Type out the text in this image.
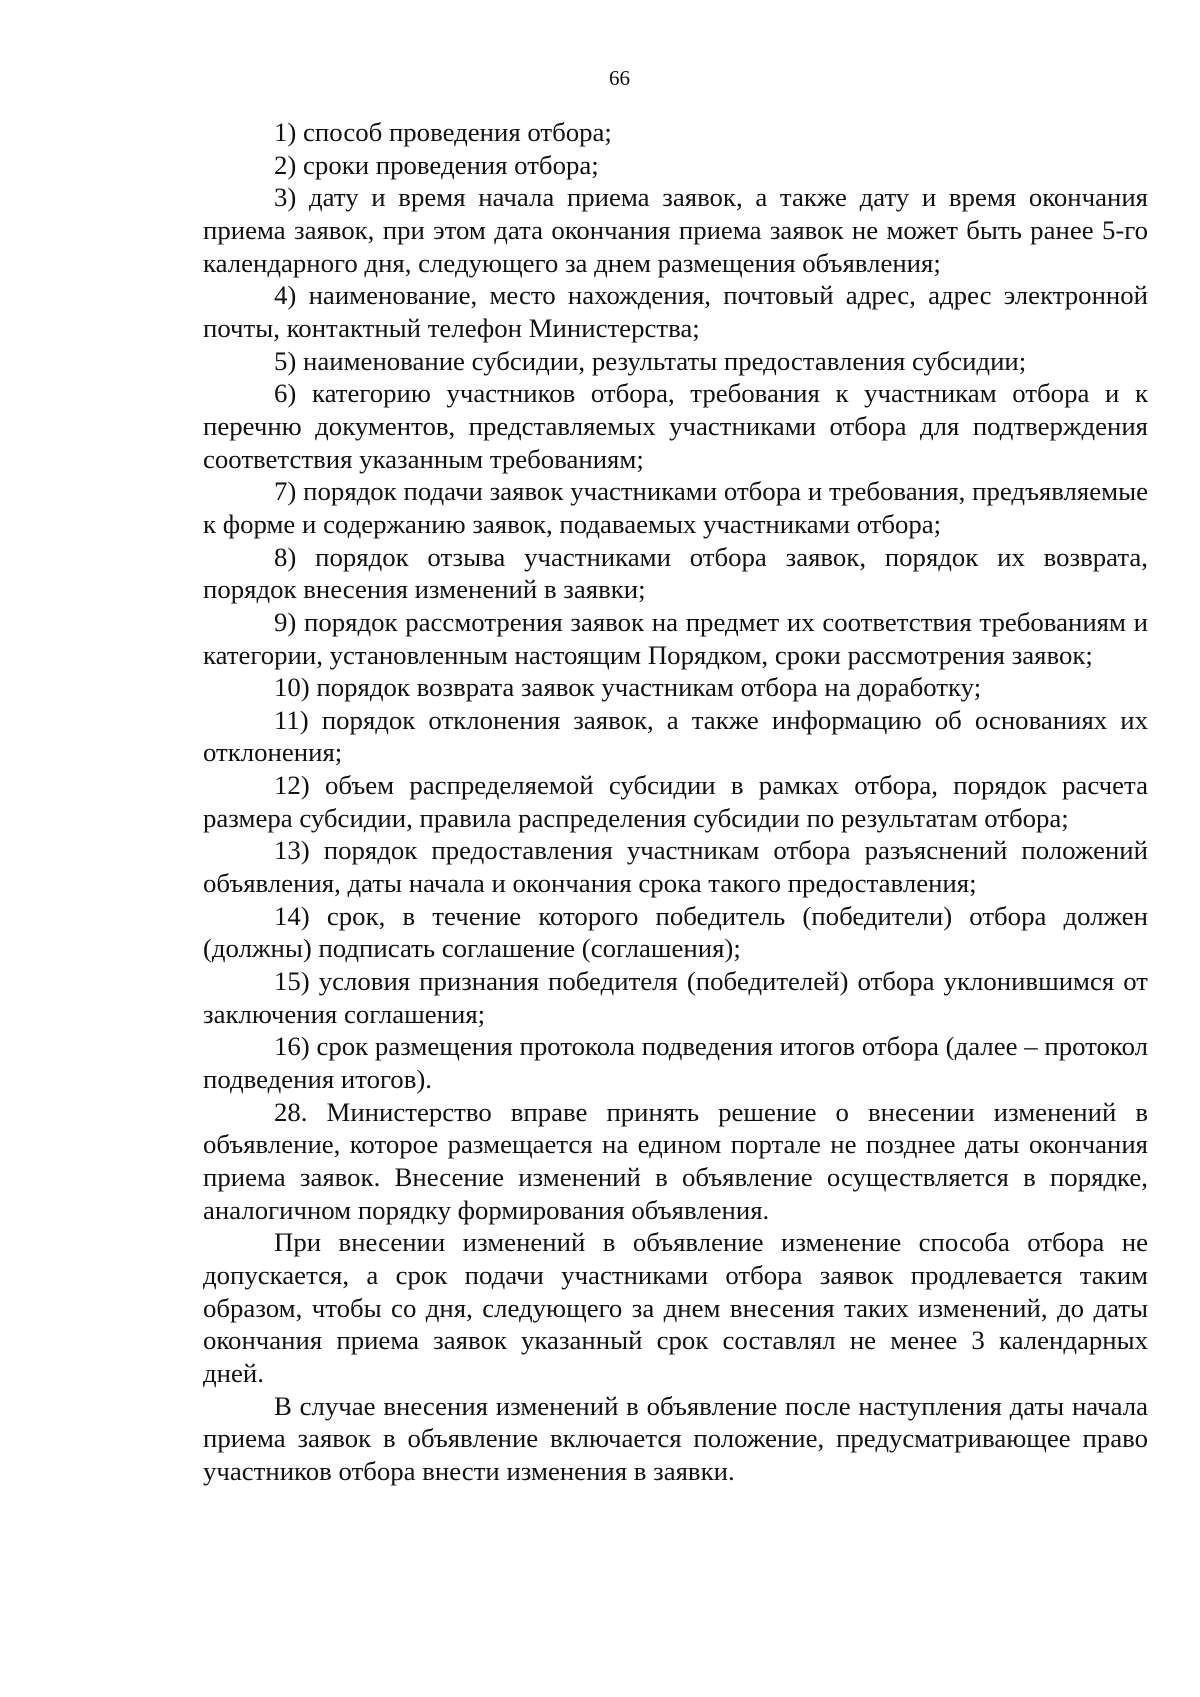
66

1) способ проведения отбора;

2) сроки проведения отбора;

3) дату и время начала приема заявок, а также дату и время окончания приема заявок, при этом дата окончания приема заявок не может быть ранее 5-го календарного дня, следующего за днем размещения объявления;

4) наименование, место нахождения, почтовый адрес, адрес электронной почты, контактный телефон Министерства;

5) наименование субсидии, результаты предоставления субсидии;

6) категорию участников отбора, требования к участникам отбора и к перечню документов, представляемых участниками отбора для подтверждения соответствия указанным требованиям;

7) порядок подачи заявок участниками отбора и требования, предъявляемые к форме и содержанию заявок, подаваемых участниками отбора;

8) порядок отзыва участниками отбора заявок, порядок их возврата, порядок внесения изменений в заявки;

9) порядок рассмотрения заявок на предмет их соответствия требованиям и категории, установленным настоящим Порядком, сроки рассмотрения заявок;

10) порядок возврата заявок участникам отбора на доработку;

11) порядок отклонения заявок, а также информацию об основаниях их отклонения;

12) объем распределяемой субсидии в рамках отбора, порядок расчета размера субсидии, правила распределения субсидии по результатам отбора;

13) порядок предоставления участникам отбора разъяснений положений объявления, даты начала и окончания срока такого предоставления;

14) срок, в течение которого победитель (победители) отбора должен (должны) подписать соглашение (соглашения);

15) условия признания победителя (победителей) отбора уклонившимся от заключения соглашения;

16) срок размещения протокола подведения итогов отбора (далее – протокол подведения итогов).

28. Министерство вправе принять решение о внесении изменений в объявление, которое размещается на едином портале не позднее даты окончания приема заявок. Внесение изменений в объявление осуществляется в порядке, аналогичном порядку формирования объявления.

При внесении изменений в объявление изменение способа отбора не допускается, а срок подачи участниками отбора заявок продлевается таким образом, чтобы со дня, следующего за днем внесения таких изменений, до даты окончания приема заявок указанный срок составлял не менее 3 календарных дней.

В случае внесения изменений в объявление после наступления даты начала приема заявок в объявление включается положение, предусматривающее право участников отбора внести изменения в заявки.
